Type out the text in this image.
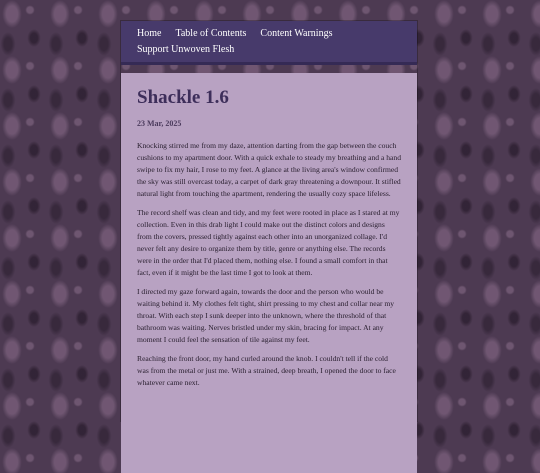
Home Table of Contents Content Warnings
Support Unwoven Flesh
Shackle 1.6
23 Mar, 2025

Knocking stirred me from my daze, attention darting from the gap between the couch cushions to my apartment door. With a quick exhale to steady my breathing and a hand swipe to fix my hair, I rose to my feet. A glance at the living area's window confirmed the sky was still overcast today, a carpet of dark gray threatening a downpour. It stifled natural light from touching the apartment, rendering the usually cozy space lifeless.

The record shelf was clean and tidy, and my feet were rooted in place as I stared at my collection. Even in this drab light I could make out the distinct colors and designs from the covers, pressed tightly against each other into an unorganized collage. I'd never felt any desire to organize them by title, genre or anything else. The records were in the order that I'd placed them, nothing else. I found a small comfort in that fact, even if it might be the last time I got to look at them.

I directed my gaze forward again, towards the door and the person who would be waiting behind it. My clothes felt tight, shirt pressing to my chest and collar near my throat. With each step I sunk deeper into the unknown, where the threshold of that bathroom was waiting. Nerves bristled under my skin, bracing for impact. At any moment I could feel the sensation of tile against my feet.

Reaching the front door, my hand curled around the knob. I couldn't tell if the cold was from the metal or just me. With a strained, deep breath, I opened the door to face whatever came next.
